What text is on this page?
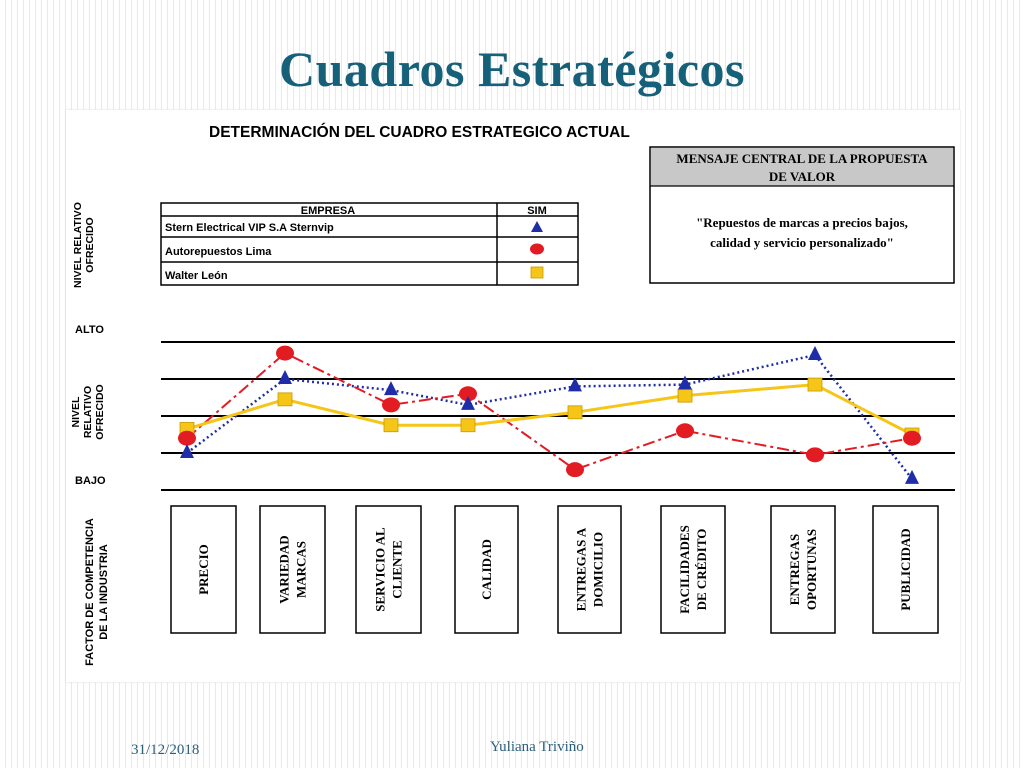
Cuadros Estratégicos
DETERMINACIÓN DEL CUADRO ESTRATEGICO ACTUAL
MENSAJE CENTRAL DE LA PROPUESTA
DE VALOR
"Repuestos de marcas a precios bajos,
calidad y servicio personalizado"
NIVEL RELATIVO OFRECIDO
EMPRESA	SIM
Stern Electrical VIP S.A Sternvip
Autorepuestos Lima
Walter León
ALTO
BAJO
NIVEL RELATIVO OFRECIDO
FACTOR DE COMPETENCIA DE LA INDUSTRIA	PRECIO	VARIEDAD MARCAS	SERVICIO AL CLIENTE	CALIDAD	ENTREGAS A DOMICILIO	FACILIDADES DE CRÉDITO	ENTREGAS OPORTUNAS	PUBLICIDAD
31/12/2018	Yuliana Triviño
